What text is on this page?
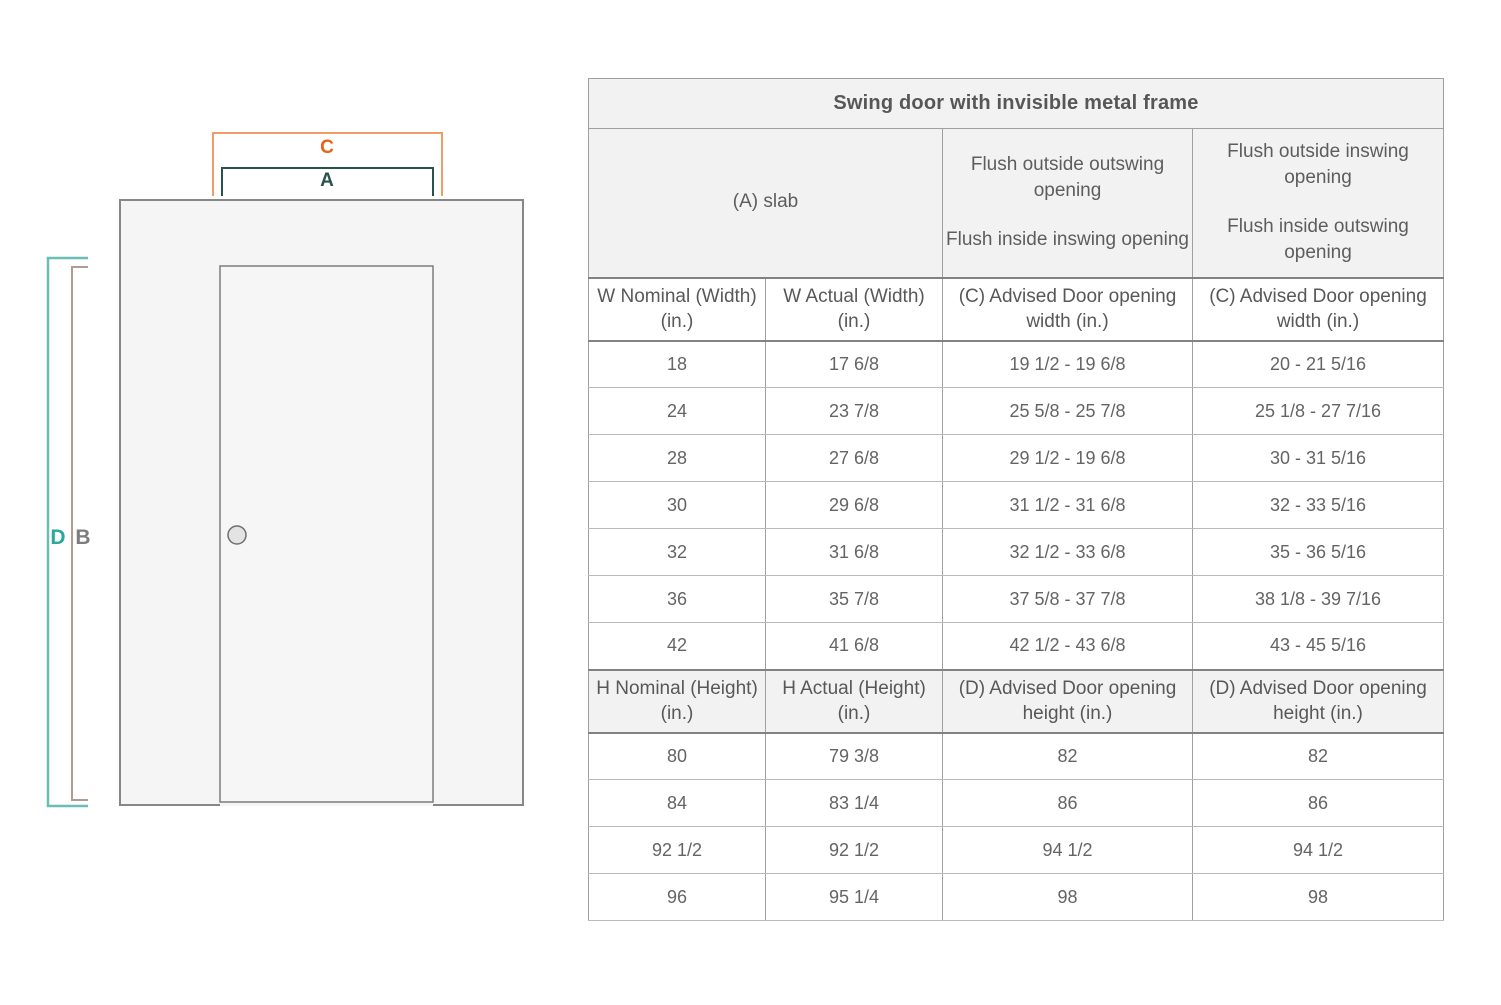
C
A
D B
Swing door with invisible metal frame			
(A) slab	
Flush outside outswing opening
Flush inside inswing opening

Flush outside inswing opening
Flush inside outswing opening

W Nominal (Width) (in.)	W Actual (Width) (in.)	(C) Advised Door opening width (in.)	(C) Advised Door opening width (in.)
18	17 6/8	19 1/2 - 19 6/8	20 - 21 5/16
24	23 7/8	25 5/8 - 25 7/8	25 1/8 - 27 7/16
28	27 6/8	29 1/2 - 19 6/8	30 - 31 5/16
30	29 6/8	31 1/2 - 31 6/8	32 - 33 5/16
32	31 6/8	32 1/2 - 33 6/8	35 - 36 5/16
36	35 7/8	37 5/8 - 37 7/8	38 1/8 - 39 7/16
42	41 6/8	42 1/2 - 43 6/8	43 - 45 5/16
H Nominal (Height) (in.)	H Actual (Height) (in.)	(D) Advised Door opening height (in.)	(D) Advised Door opening height (in.)
80	79 3/8	82	82
84	83 1/4	86	86
92 1/2	92 1/2	94 1/2	94 1/2
96	95 1/4	98	98
